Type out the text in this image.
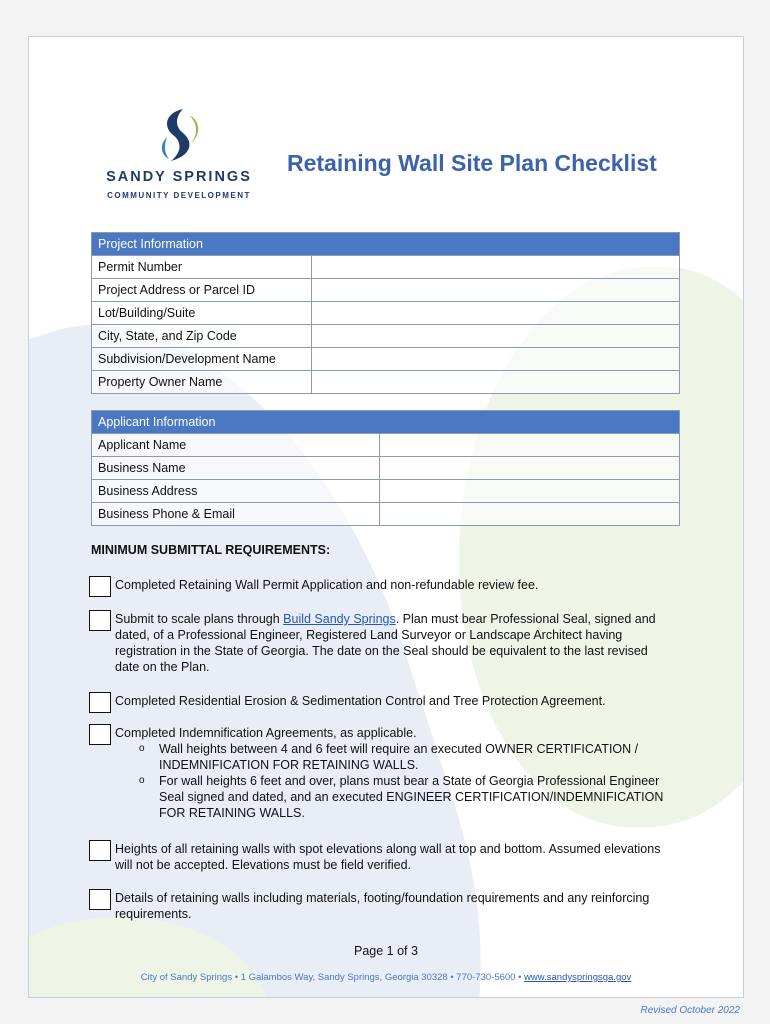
SANDY SPRINGS
COMMUNITY DEVELOPMENT
Retaining Wall Site Plan Checklist
Project Information	
Permit Number	
Project Address or Parcel ID	
Lot/Building/Suite	
City, State, and Zip Code	
Subdivision/Development Name	
Property Owner Name	
Applicant Information	
Applicant Name	
Business Name	
Business Address	
Business Phone & Email	
MINIMUM SUBMITTAL REQUIREMENTS:
Completed Retaining Wall Permit Application and non-refundable review fee.
Submit to scale plans through Build Sandy Springs. Plan must bear Professional Seal, signed and dated, of a Professional Engineer, Registered Land Surveyor or Landscape Architect having registration in the State of Georgia. The date on the Seal should be equivalent to the last revised date on the Plan.
Completed Residential Erosion & Sedimentation Control and Tree Protection Agreement.
Completed Indemnification Agreements, as applicable.
o Wall heights between 4 and 6 feet will require an executed OWNER CERTIFICATION / INDEMNIFICATION FOR RETAINING WALLS.
o For wall heights 6 feet and over, plans must bear a State of Georgia Professional Engineer Seal signed and dated, and an executed ENGINEER CERTIFICATION/INDEMNIFICATION FOR RETAINING WALLS.
Heights of all retaining walls with spot elevations along wall at top and bottom. Assumed elevations will not be accepted. Elevations must be field verified.
Details of retaining walls including materials, footing/foundation requirements and any reinforcing requirements.
Page 1 of 3
City of Sandy Springs • 1 Galambos Way, Sandy Springs, Georgia 30328 • 770-730-5600 • www.sandyspringsga.gov
Revised October 2022
